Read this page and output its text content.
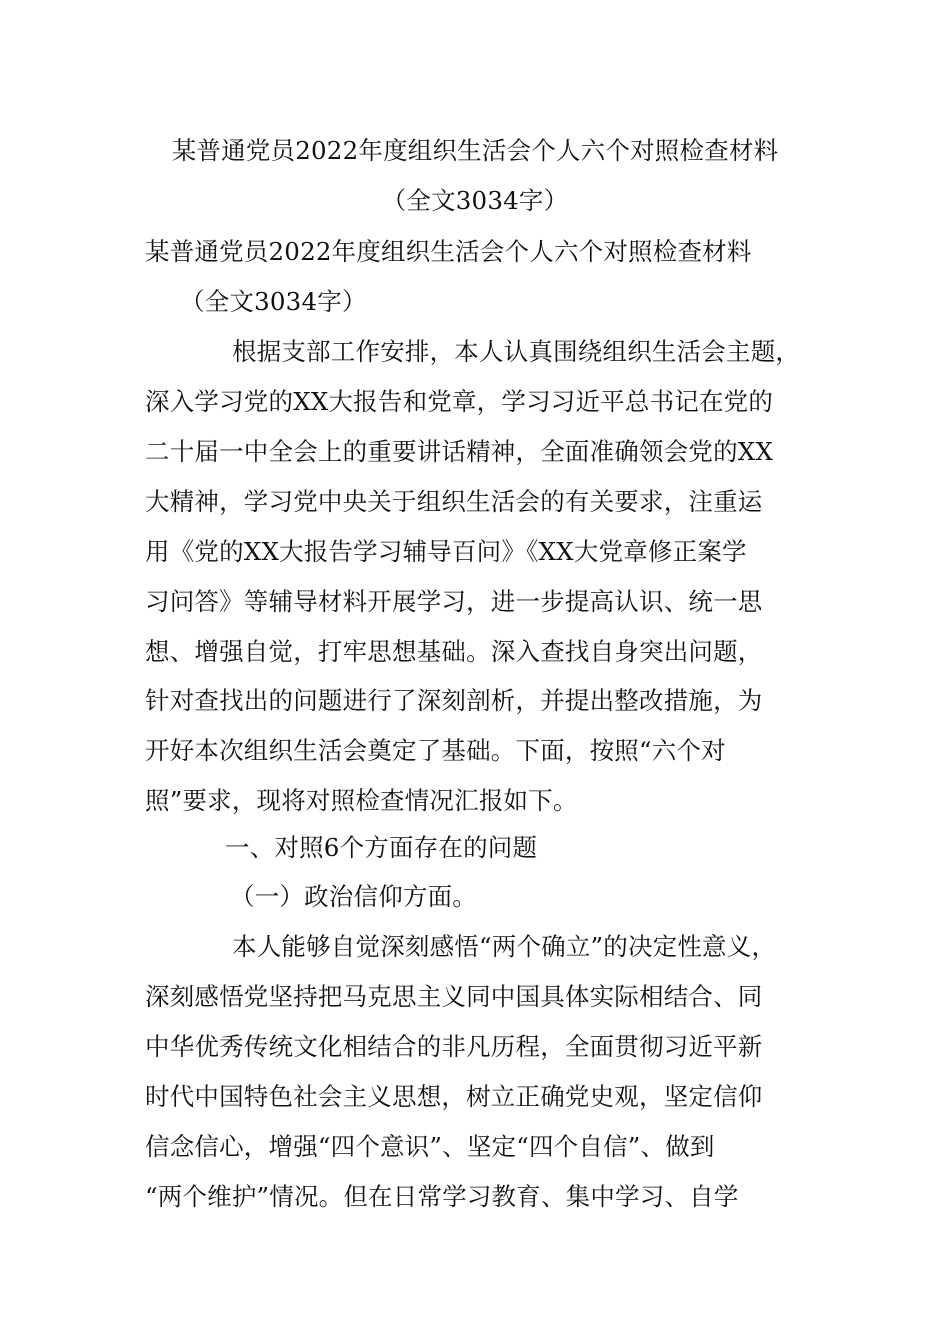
某普通党员2022年度组织生活会个人六个对照检查材料
（全文3034字）
某普通党员2022年度组织生活会个人六个对照检查材料
（全文3034字）
根据支部工作安排，本人认真围绕组织生活会主题，
深入学习党的XX大报告和党章，学习习近平总书记在党的
二十届一中全会上的重要讲话精神，全面准确领会党的XX
大精神，学习党中央关于组织生活会的有关要求，注重运
用《党的XX大报告学习辅导百问》《XX大党章修正案学
习问答》等辅导材料开展学习，进一步提高认识、统一思
想、增强自觉，打牢思想基础。深入查找自身突出问题，
针对查找出的问题进行了深刻剖析，并提出整改措施，为
开好本次组织生活会奠定了基础。下面，按照“六个对
照”要求，现将对照检查情况汇报如下。
一、对照6个方面存在的问题
（一）政治信仰方面。
本人能够自觉深刻感悟“两个确立”的决定性意义，
深刻感悟党坚持把马克思主义同中国具体实际相结合、同
中华优秀传统文化相结合的非凡历程，全面贯彻习近平新
时代中国特色社会主义思想，树立正确党史观，坚定信仰
信念信心，增强“四个意识”、坚定“四个自信”、做到
“两个维护”情况。但在日常学习教育、集中学习、自学
